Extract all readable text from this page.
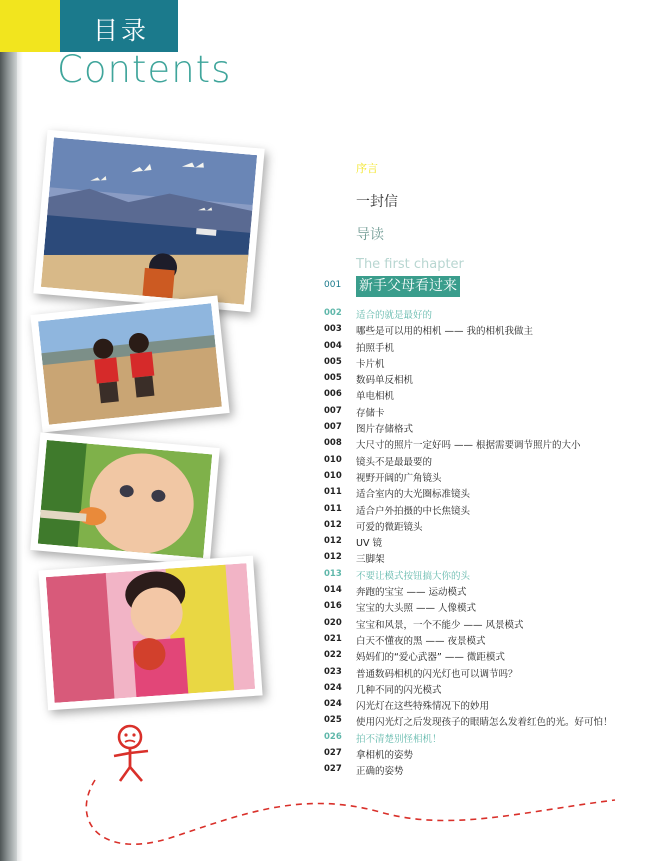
目录
Contents
序言
一封信
导读
The first chapter
001 新手父母看过来
002 适合的就是最好的
003 哪些是可以用的相机 —— 我的相机我做主
004 拍照手机
005 卡片机
005 数码单反相机
006 单电相机
007 存储卡
007 图片存储格式
008 大尺寸的照片一定好吗 —— 根据需要调节照片的大小
010 镜头不是最最要的
010 视野开阔的广角镜头
011 适合室内的大光圈标准镜头
011 适合户外拍摄的中长焦镜头
012 可爱的微距镜头
012 UV 镜
012 三脚架
013 不要让模式按钮搞大你的头
014 奔跑的宝宝 —— 运动模式
016 宝宝的大头照 —— 人像模式
020 宝宝和风景，一个不能少 —— 风景模式
021 白天不懂夜的黑 —— 夜景模式
022 妈妈们的“爱心武器” —— 微距模式
023 普通数码相机的闪光灯也可以调节吗？
024 几种不同的闪光模式
024 闪光灯在这些特殊情况下的妙用
025 使用闪光灯之后发现孩子的眼睛怎么发着红色的光。好可怕！
026 拍不清楚别怪相机！
027 拿相机的姿势
027 正确的姿势
